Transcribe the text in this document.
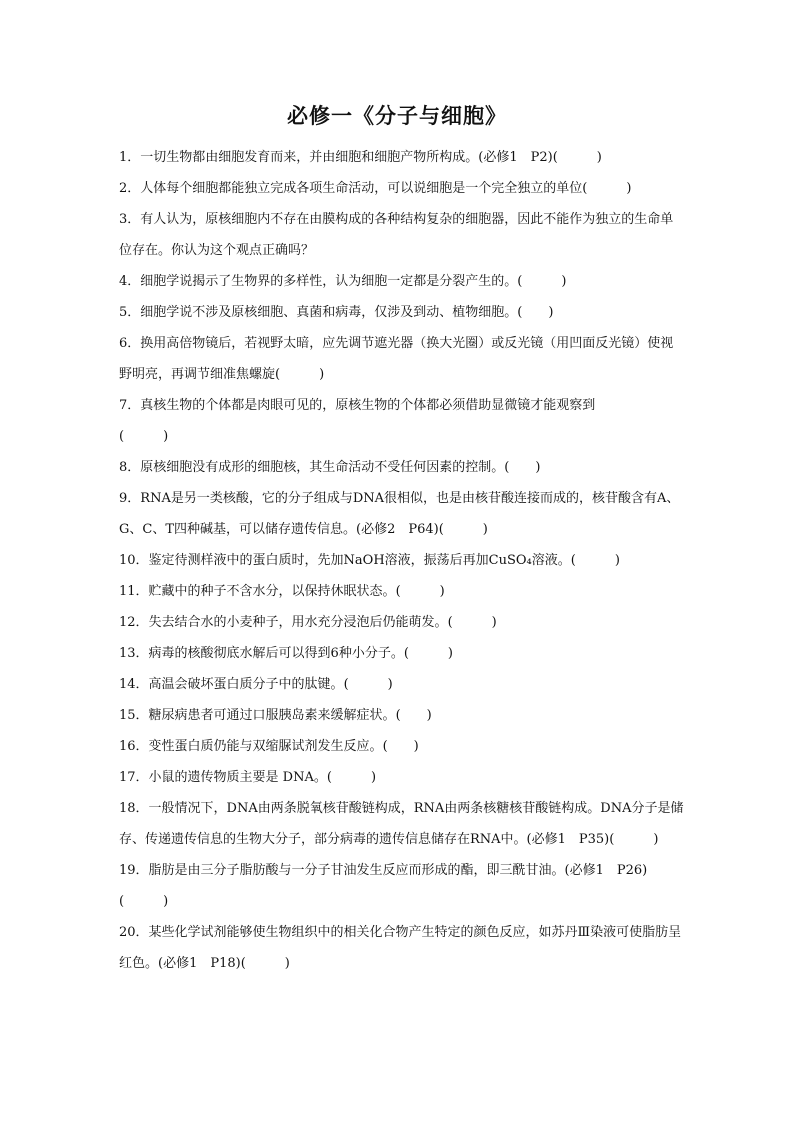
必修一《分子与细胞》
1．一切生物都由细胞发育而来，并由细胞和细胞产物所构成。(必修1　P2)(　　　)
2．人体每个细胞都能独立完成各项生命活动，可以说细胞是一个完全独立的单位(　　　)
3．有人认为，原核细胞内不存在由膜构成的各种结构复杂的细胞器，因此不能作为独立的生命单位存在。你认为这个观点正确吗？
4．细胞学说揭示了生物界的多样性，认为细胞一定都是分裂产生的。(　　　)
5．细胞学说不涉及原核细胞、真菌和病毒，仅涉及到动、植物细胞。(　　)
6．换用高倍物镜后，若视野太暗，应先调节遮光器（换大光圈）或反光镜（用凹面反光镜）使视野明亮，再调节细准焦螺旋(　　　)
7．真核生物的个体都是肉眼可见的，原核生物的个体都必须借助显微镜才能观察到
(　　　)
8．原核细胞没有成形的细胞核，其生命活动不受任何因素的控制。(　　)
9．RNA是另一类核酸，它的分子组成与DNA很相似，也是由核苷酸连接而成的，核苷酸含有A、G、C、T四种碱基，可以储存遗传信息。(必修2　P64)(　　　)
10．鉴定待测样液中的蛋白质时，先加NaOH溶液，振荡后再加CuSO₄溶液。(　　　)
11．贮藏中的种子不含水分，以保持休眠状态。(　　　)
12．失去结合水的小麦种子，用水充分浸泡后仍能萌发。(　　　)
13．病毒的核酸彻底水解后可以得到6种小分子。(　　　)
14．高温会破坏蛋白质分子中的肽键。(　　　)
15．糖尿病患者可通过口服胰岛素来缓解症状。(　　)
16．变性蛋白质仍能与双缩脲试剂发生反应。(　　)
17．小鼠的遗传物质主要是 DNA。(　　　)
18．一般情况下，DNA由两条脱氧核苷酸链构成，RNA由两条核糖核苷酸链构成。DNA分子是储存、传递遗传信息的生物大分子，部分病毒的遗传信息储存在RNA中。(必修1　P35)(　　　)
19．脂肪是由三分子脂肪酸与一分子甘油发生反应而形成的酯，即三酰甘油。(必修1　P26)(　　　)
20．某些化学试剂能够使生物组织中的相关化合物产生特定的颜色反应，如苏丹Ⅲ染液可使脂肪呈红色。(必修1　P18)(　　　)
